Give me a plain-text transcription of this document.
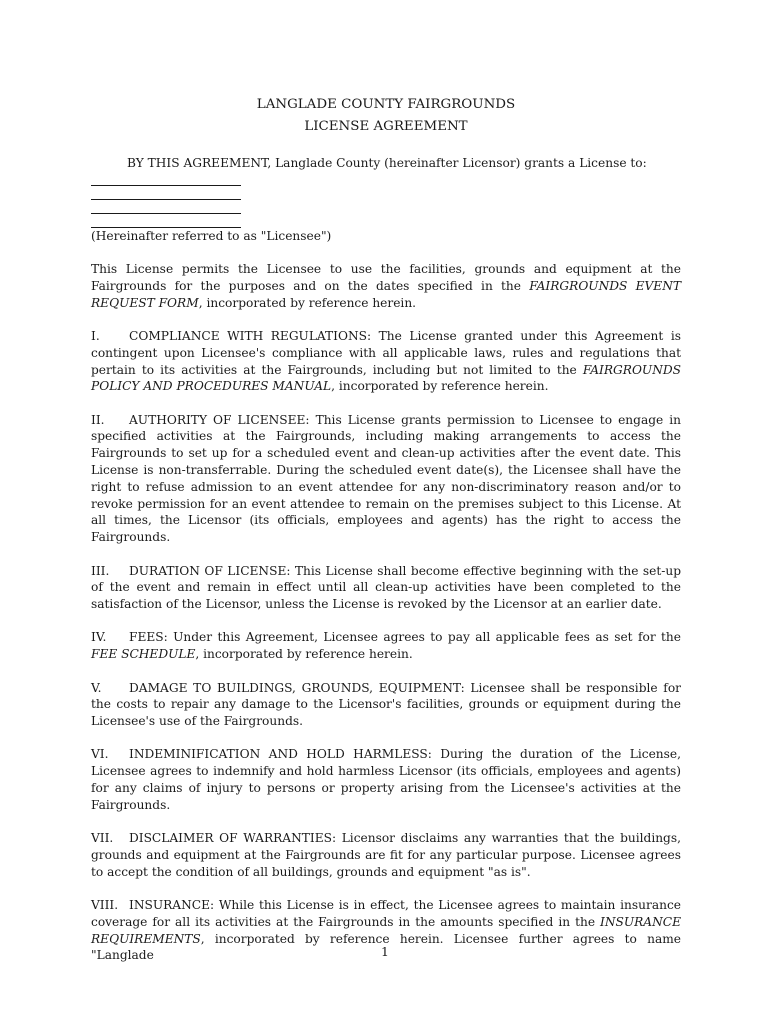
LANGLADE COUNTY FAIRGROUNDS
LICENSE AGREEMENT

BY THIS AGREEMENT, Langlade County (hereinafter Licensor) grants a License to:

(Hereinafter referred to as "Licensee")

This License permits the Licensee to use the facilities, grounds and equipment at the Fairgrounds for the purposes and on the dates specified in the FAIRGROUNDS EVENT REQUEST FORM, incorporated by reference herein.

I. COMPLIANCE WITH REGULATIONS: The License granted under this Agreement is contingent upon Licensee's compliance with all applicable laws, rules and regulations that pertain to its activities at the Fairgrounds, including but not limited to the FAIRGROUNDS POLICY AND PROCEDURES MANUAL, incorporated by reference herein.

II. AUTHORITY OF LICENSEE: This License grants permission to Licensee to engage in specified activities at the Fairgrounds, including making arrangements to access the Fairgrounds to set up for a scheduled event and clean-up activities after the event date. This License is non-transferrable. During the scheduled event date(s), the Licensee shall have the right to refuse admission to an event attendee for any non-discriminatory reason and/or to revoke permission for an event attendee to remain on the premises subject to this License. At all times, the Licensor (its officials, employees and agents) has the right to access the Fairgrounds.

III. DURATION OF LICENSE: This License shall become effective beginning with the set-up of the event and remain in effect until all clean-up activities have been completed to the satisfaction of the Licensor, unless the License is revoked by the Licensor at an earlier date.

IV. FEES: Under this Agreement, Licensee agrees to pay all applicable fees as set for the FEE SCHEDULE, incorporated by reference herein.

V. DAMAGE TO BUILDINGS, GROUNDS, EQUIPMENT: Licensee shall be responsible for the costs to repair any damage to the Licensor's facilities, grounds or equipment during the Licensee's use of the Fairgrounds.

VI. INDEMINIFICATION AND HOLD HARMLESS: During the duration of the License, Licensee agrees to indemnify and hold harmless Licensor (its officials, employees and agents) for any claims of injury to persons or property arising from the Licensee's activities at the Fairgrounds.

VII. DISCLAIMER OF WARRANTIES: Licensor disclaims any warranties that the buildings, grounds and equipment at the Fairgrounds are fit for any particular purpose. Licensee agrees to accept the condition of all buildings, grounds and equipment "as is".

VIII. INSURANCE: While this License is in effect, the Licensee agrees to maintain insurance coverage for all its activities at the Fairgrounds in the amounts specified in the INSURANCE REQUIREMENTS, incorporated by reference herein. Licensee further agrees to name "Langlade	1
